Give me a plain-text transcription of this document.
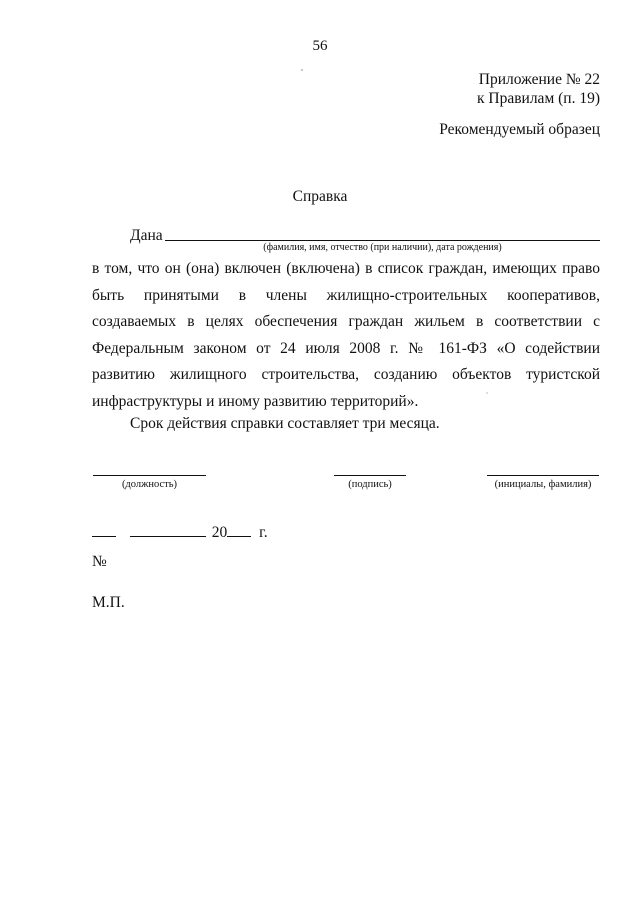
56
Приложение № 22
к Правилам (п. 19)
Рекомендуемый образец
Справка
Дана
(фамилия, имя, отчество (при наличии), дата рождения)

в том, что он (она) включен (включена) в список граждан, имеющих право быть принятыми в члены жилищно-строительных кооперативов, создаваемых в целях обеспечения граждан жильем в соответствии с Федеральным законом от 24 июля 2008 г. № 161-ФЗ «О содействии развитию жилищного строительства, созданию объектов туристской инфраструктуры и иному развитию территорий».

Срок действия справки составляет три месяца.
(должность)	(подпись)	(инициалы, фамилия)
20 г.
№
М.П.
